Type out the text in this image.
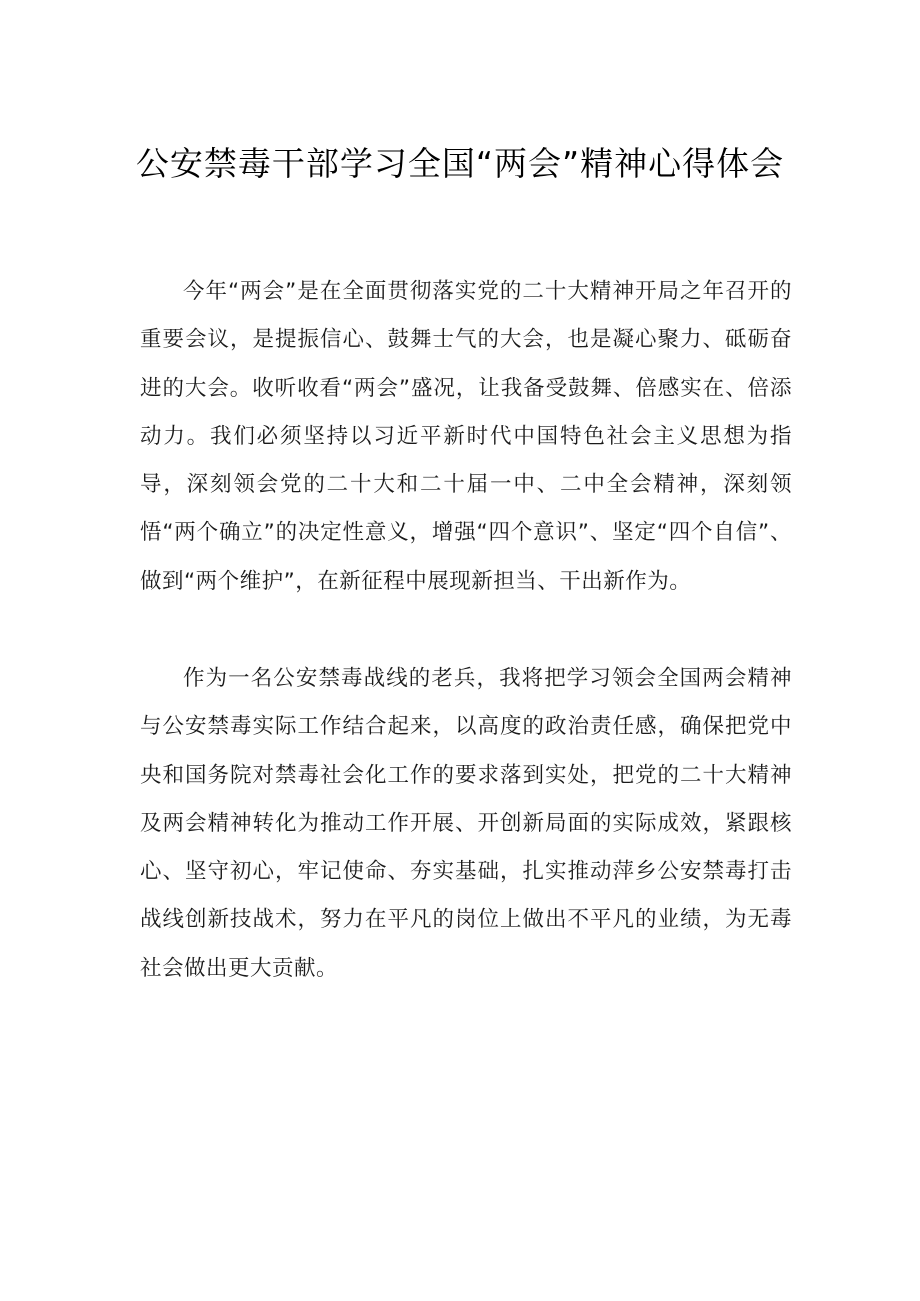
公安禁毒干部学习全国“两会”精神心得体会

今年“两会”是在全面贯彻落实党的二十大精神开局之年召开的重要会议，是提振信心、鼓舞士气的大会，也是凝心聚力、砥砺奋进的大会。收听收看“两会”盛况，让我备受鼓舞、倍感实在、倍添动力。我们必须坚持以习近平新时代中国特色社会主义思想为指导，深刻领会党的二十大和二十届一中、二中全会精神，深刻领悟“两个确立”的决定性意义，增强“四个意识”、坚定“四个自信”、做到“两个维护”，在新征程中展现新担当、干出新作为。

作为一名公安禁毒战线的老兵，我将把学习领会全国两会精神与公安禁毒实际工作结合起来，以高度的政治责任感，确保把党中央和国务院对禁毒社会化工作的要求落到实处，把党的二十大精神及两会精神转化为推动工作开展、开创新局面的实际成效，紧跟核心、坚守初心，牢记使命、夯实基础，扎实推动萍乡公安禁毒打击战线创新技战术，努力在平凡的岗位上做出不平凡的业绩，为无毒社会做出更大贡献。
